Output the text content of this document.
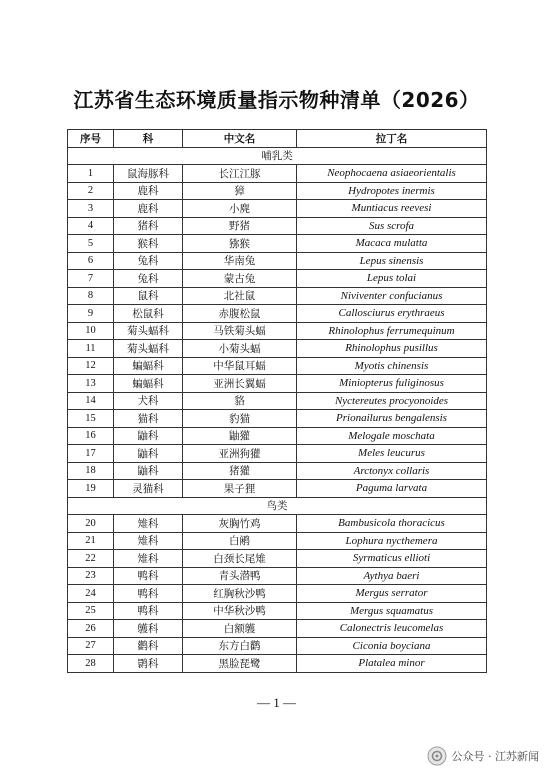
江苏省生态环境质量指示物种清单（2026）
序号	科	中文名	拉丁名
哺乳类			
1	鼠海豚科	长江江豚	Neophocaena asiaeorientalis
2	鹿科	獐	Hydropotes inermis
3	鹿科	小麂	Muntiacus reevesi
4	猪科	野猪	Sus scrofa
5	猴科	猕猴	Macaca mulatta
6	兔科	华南兔	Lepus sinensis
7	兔科	蒙古兔	Lepus tolai
8	鼠科	北社鼠	Niviventer confucianus
9	松鼠科	赤腹松鼠	Callosciurus erythraeus
10	菊头蝠科	马铁菊头蝠	Rhinolophus ferrumequinum
11	菊头蝠科	小菊头蝠	Rhinolophus pusillus
12	蝙蝠科	中华鼠耳蝠	Myotis chinensis
13	蝙蝠科	亚洲长翼蝠	Miniopterus fuliginosus
14	犬科	貉	Nyctereutes procyonoides
15	猫科	豹猫	Prionailurus bengalensis
16	鼬科	鼬獾	Melogale moschata
17	鼬科	亚洲狗獾	Meles leucurus
18	鼬科	猪獾	Arctonyx collaris
19	灵猫科	果子狸	Paguma larvata
鸟类			
20	雉科	灰胸竹鸡	Bambusicola thoracicus
21	雉科	白鹇	Lophura nycthemera
22	雉科	白颈长尾雉	Syrmaticus ellioti
23	鸭科	青头潜鸭	Aythya baeri
24	鸭科	红胸秋沙鸭	Mergus serrator
25	鸭科	中华秋沙鸭	Mergus squamatus
26	鹱科	白额鹱	Calonectris leucomelas
27	鹳科	东方白鹳	Ciconia boyciana
28	鹮科	黑脸琵鹭	Platalea minor
— 1 —
公众号 · 江苏新闻
